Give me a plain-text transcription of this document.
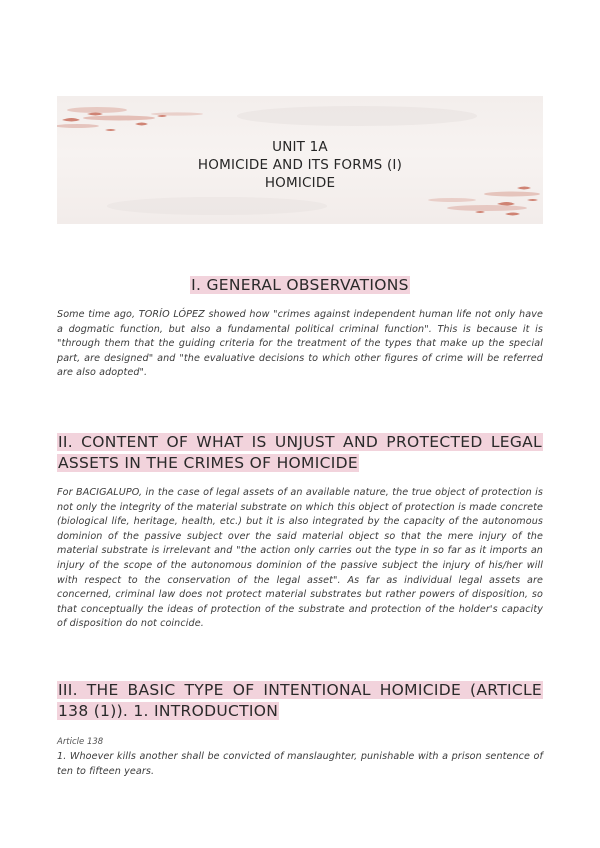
UNIT 1A
HOMICIDE AND ITS FORMS (I)
HOMICIDE
I. GENERAL OBSERVATIONS

Some time ago, TORÍO LÓPEZ showed how "crimes against independent human life not only have a dogmatic function, but also a fundamental political criminal function". This is because it is "through them that the guiding criteria for the treatment of the types that make up the special part, are designed" and "the evaluative decisions to which other figures of crime will be referred are also adopted".

II. CONTENT OF WHAT IS UNJUST AND PROTECTED LEGAL ASSETS IN THE CRIMES OF HOMICIDE

For BACIGALUPO, in the case of legal assets of an available nature, the true object of protection is not only the integrity of the material substrate on which this object of protection is made concrete (biological life, heritage, health, etc.) but it is also integrated by the capacity of the autonomous dominion of the passive subject over the said material object so that the mere injury of the material substrate is irrelevant and "the action only carries out the type in so far as it imports an injury of the scope of the autonomous dominion of the passive subject the injury of his/her will with respect to the conservation of the legal asset". As far as individual legal assets are concerned, criminal law does not protect material substrates but rather powers of disposition, so that conceptually the ideas of protection of the substrate and protection of the holder's capacity of disposition do not coincide.

III. THE BASIC TYPE OF INTENTIONAL HOMICIDE (ARTICLE 138 (1)). 1. INTRODUCTION
Article 138

1. Whoever kills another shall be convicted of manslaughter, punishable with a prison sentence of ten to fifteen years.
